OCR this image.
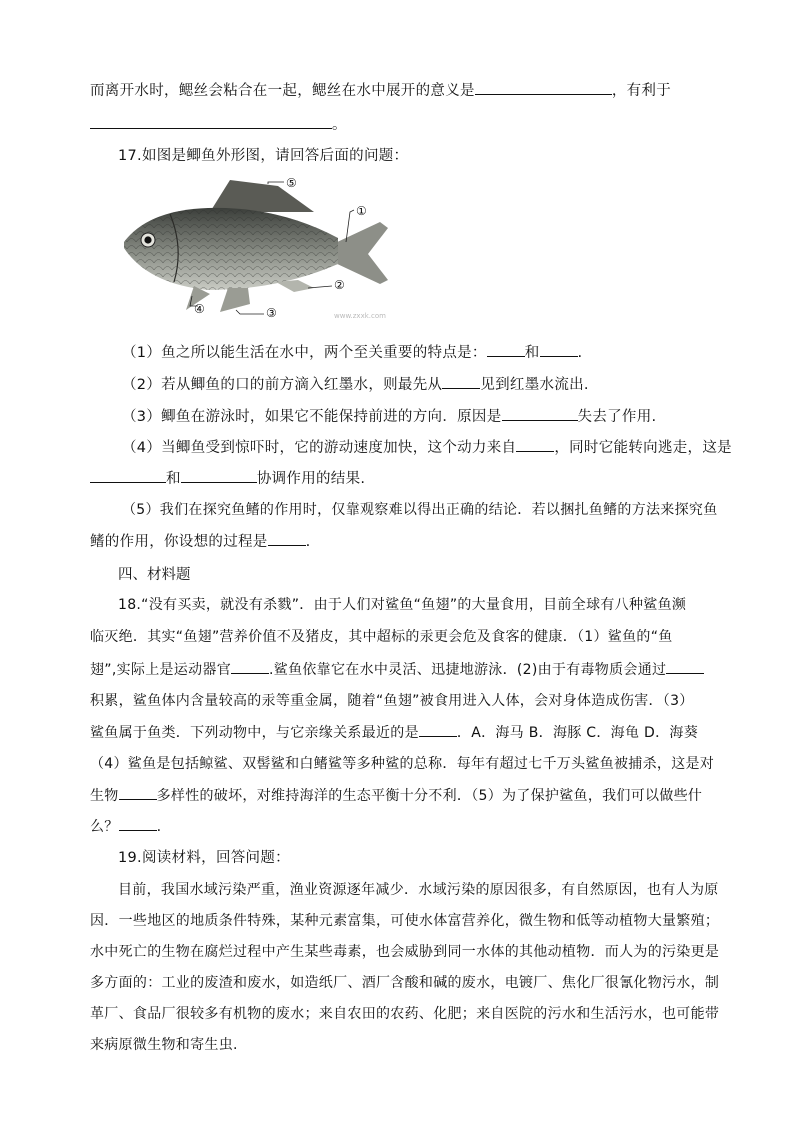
而离开水时，鳃丝会粘合在一起，鳃丝在水中展开的意义是	，有利于
。
17.如图是鲫鱼外形图，请回答后面的问题：
⑤
①
②
③
④	www.zxxk.com
（1）鱼之所以能生活在水中，两个至关重要的特点是：	和	.
（2）若从鲫鱼的口的前方滴入红墨水，则最先从	见到红墨水流出.
（3）鲫鱼在游泳时，如果它不能保持前进的方向．原因是	失去了作用.
（4）当鲫鱼受到惊吓时，它的游动速度加快，这个动力来自	，同时它能转向逃走，这是
和	协调作用的结果.
（5）我们在探究鱼鳍的作用时，仅靠观察难以得出正确的结论．若以捆扎鱼鳍的方法来探究鱼
鳍的作用，你设想的过程是	.
四、材料题
18.“没有买卖，就没有杀戮”．由于人们对鲨鱼“鱼翅”的大量食用，目前全球有八种鲨鱼濒
临灭绝．其实“鱼翅”营养价值不及猪皮，其中超标的汞更会危及食客的健康．（1）鲨鱼的“鱼
翅”,实际上是运动器官	.鲨鱼依靠它在水中灵活、迅捷地游泳．(2)由于有毒物质会通过
积累，鲨鱼体内含量较高的汞等重金属，随着“鱼翅”被食用进入人体，会对身体造成伤害．（3）
鲨鱼属于鱼类．下列动物中，与它亲缘关系最近的是	．A．海马 B．海豚 C．海龟 D．海葵
（4）鲨鱼是包括鲸鲨、双髻鲨和白鳍鲨等多种鲨的总称．每年有超过七千万头鲨鱼被捕杀，这是对
生物	多样性的破坏，对维持海洋的生态平衡十分不利．（5）为了保护鲨鱼，我们可以做些什
么？	.
19.阅读材料，回答问题：
目前，我国水域污染严重，渔业资源逐年减少．水域污染的原因很多，有自然原因，也有人为原
因．一些地区的地质条件特殊，某种元素富集，可使水体富营养化，微生物和低等动植物大量繁殖；
水中死亡的生物在腐烂过程中产生某些毒素，也会威胁到同一水体的其他动植物．而人为的污染更是
多方面的：工业的废渣和废水，如造纸厂、酒厂含酸和碱的废水，电镀厂、焦化厂很氰化物污水，制
革厂、食品厂很较多有机物的废水；来自农田的农药、化肥；来自医院的污水和生活污水，也可能带
来病原微生物和寄生虫.
